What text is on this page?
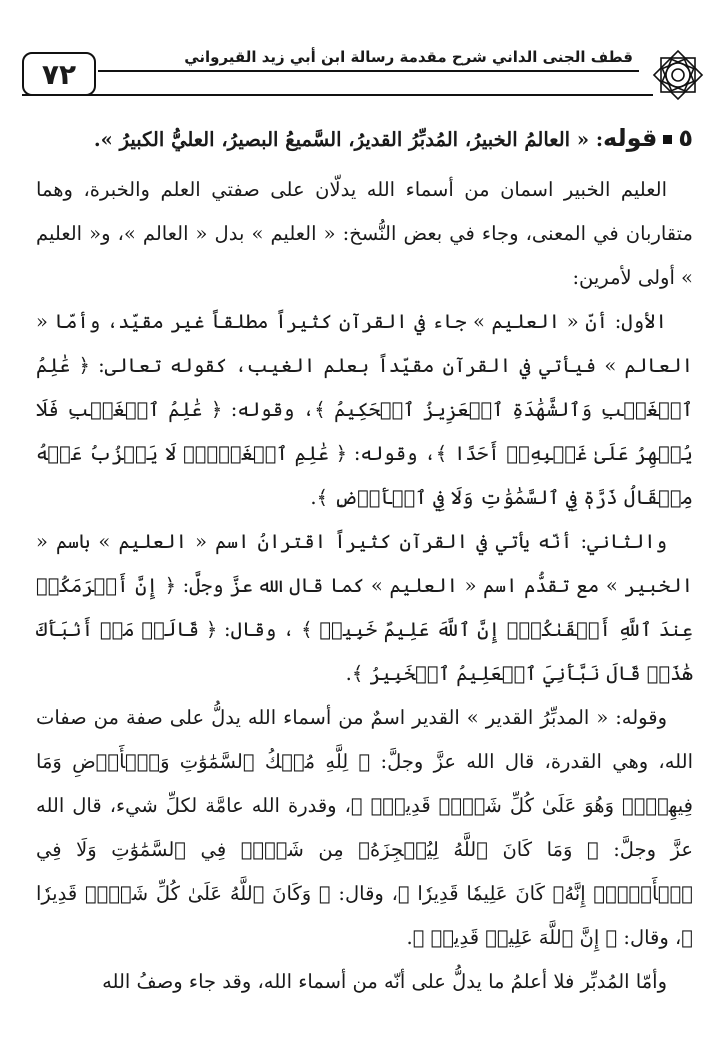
٧٢
قطف الجنى الداني شرح مقدمة رسالة ابن أبي زيد القيرواني

٥قوله: « العالمُ الخبيرُ، المُدبِّرُ القديرُ، السَّميعُ البصيرُ، العليُّ الكبيرُ ».

العليم الخبير اسمان من أسماء الله يدلّان على صفتي العلم والخبرة، وهما متقاربان في المعنى، وجاء في بعض النُّسخ: « العليم » بدل « العالم »، و« العليم » أولى لأمرين:

الأول: أنّ « العليم » جاء في القرآن كثيراً مطلقاً غير مقيّد، وأمّا « العالم » فيأتي في القرآن مقيّداً بعلم الغيب، كقوله تعالى: ﴿ عَٰلِمُ ٱلۡغَيۡبِ وَٱلشَّهَٰدَةِ ٱلۡعَزِيزُ ٱلۡحَكِيمُ ﴾، وقوله: ﴿ عَٰلِمُ ٱلۡغَيۡبِ فَلَا يُظۡهِرُ عَلَىٰ غَيۡبِهِۦٓ أَحَدًا ﴾، وقوله: ﴿ عَٰلِمِ ٱلۡغَيۡبِۖ لَا يَعۡزُبُ عَنۡهُ مِثۡقَالُ ذَرَّةٖ فِي ٱلسَّمَٰوَٰتِ وَلَا فِي ٱلۡأَرۡضِ ﴾.

والثاني: أنّه يأتي في القرآن كثيراً اقترانُ اسم « العليم » باسم « الخبير » مع تقدُّم اسم « العليم » كما قال الله عزَّ وجلَّ: ﴿ إِنَّ أَكۡرَمَكُمۡ عِندَ ٱللَّهِ أَتۡقَىٰكُمۡۚ إِنَّ ٱللَّهَ عَلِيمٌ خَبِيرٞ ﴾ ، وقال: ﴿ قَالَتۡ مَنۡ أَنۢبَأَكَ هَٰذَاۖ قَالَ نَبَّأَنِيَ ٱلۡعَلِيمُ ٱلۡخَبِيرُ ﴾.

وقوله: « المدبِّرُ القدير » القدير اسمٌ من أسماء الله يدلُّ على صفة من صفات الله، وهي القدرة، قال الله عزَّ وجلَّ: ﴿ لِلَّهِ مُلۡكُ ٱلسَّمَٰوَٰتِ وَٱلۡأَرۡضِ وَمَا فِيهِنَّۚ وَهُوَ عَلَىٰ كُلِّ شَيۡءٖ قَدِيرُۢ ﴾، وقدرة الله عامَّة لكلِّ شيء، قال الله عزَّ وجلَّ: ﴿ وَمَا كَانَ ٱللَّهُ لِيُعۡجِزَهُۥ مِن شَيۡءٖ فِي ٱلسَّمَٰوَٰتِ وَلَا فِي ٱلۡأَرۡضِۚ إِنَّهُۥ كَانَ عَلِيمٗا قَدِيرٗا ﴾، وقال: ﴿ وَكَانَ ٱللَّهُ عَلَىٰ كُلِّ شَيۡءٖ قَدِيرٗا ﴾، وقال: ﴿ إِنَّ ٱللَّهَ عَلِيمٞ قَدِيرٞ ﴾.

وأمّا المُدبِّر فلا أعلمُ ما يدلُّ على أنّه من أسماء الله، وقد جاء وصفُ الله
